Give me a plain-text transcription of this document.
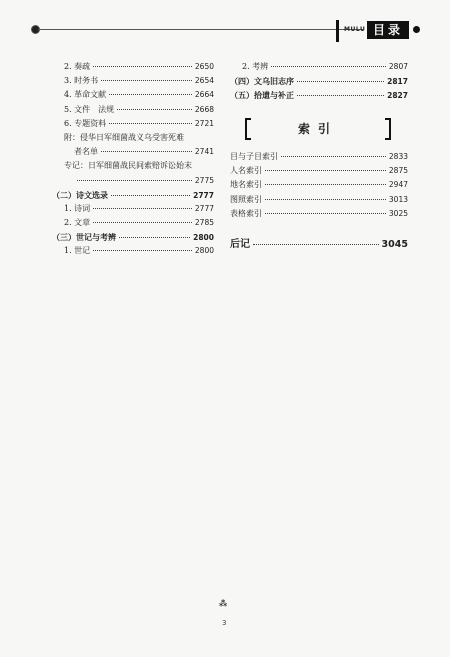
MULU 目录
2. 奏疏	2650
3. 时务书	2654
4. 革命文献	2664
5. 文件　法规	2668
6. 专题资料	2721
附：侵华日军细菌战义乌受害死难
者名单	2741
专记：日军细菌战民间索赔诉讼始末
2775
（二）诗文选录	2777
1. 诗词	2777
2. 文章	2785
（三）世记与考辨	2800
1. 世记	2800
2. 考辨	2807
（四）文乌旧志序	2817
（五）拾遗与补正	2827
索引
目与子目索引	2833
人名索引	2875
地名索引	2947
图照索引	3013
表格索引	3025
后记	3045
⁂
3
